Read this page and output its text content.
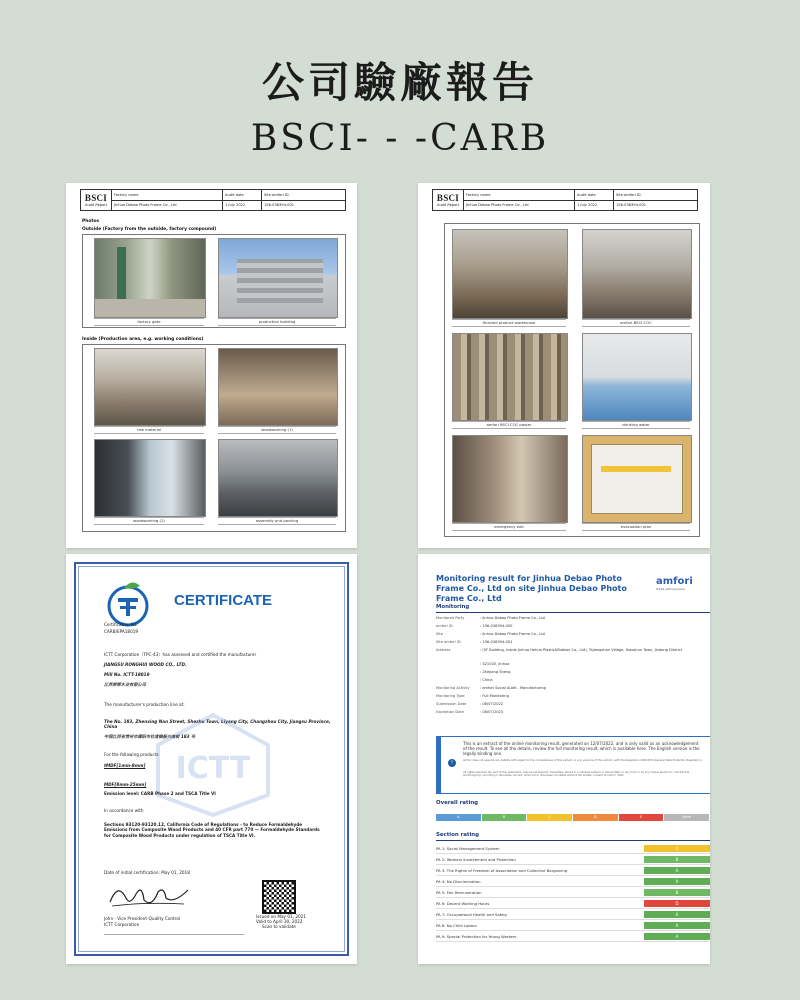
公司驗廠報告
BSCI- - -CARB
BSCI
Audit Report
Factory name
Jinhua Debao Photo Frame Co., Ltd
Audit date
1 July 2022
Site amfori ID
156-038394-001
Photos
Outside (Factory from the outside, factory compound)
factory gate	production building
Inside (Production area, e.g. working conditions)
raw material	woodworking (1)
woodworking (2)	assembly and packing
BSCI
Audit Report
Factory name
Jinhua Debao Photo Frame Co., Ltd
Audit date
1 July 2022
Site amfori ID
156-038394-001
finished product warehouse	amfori BSCI COC
amfori BSCI COC poster	drinking water
emergency exit	evacuation plan
CERTIFICATE
Certification No:
CARB/EPA18019
ICTT Corporation（TPC-43）has assessed and certified the manufacturer
JIANGSU RONGHUI WOOD CO., LTD.
Mill No. ICTT-18019
江苏荣辉木业有限公司
The manufacturer's production line at:
The No. 183, Zhenxing Nan Street, Shezhu Town, Liyang City, Changzhou City, Jiangsu Province, China
中国江苏省常州市溧阳市社渚镇振兴南街 183 号
ICTT
For the following products
tMDF[1mm-8mm]
MDF[8mm-25mm]
Emission level: CARB Phase 2 and TSCA Title VI
In accordance with
Sections 93120-93120.12, California Code of Regulations - to Reduce Formaldehyde Emissions from Composite Wood Products and 40 CFR part 770 — Formaldehyde Standards for Composite Wood Products under regulation of TSCA Title VI.
Date of initial certification: May 01, 2018
John - Vice President-Quality Control
ICTT Corporation
Issued on May 01, 2021
Valid to April 30, 2022
Scan to validate
Monitoring result for Jinhua Debao Photo Frame Co., Ltd on site Jinhua Debao Photo Frame Co., Ltd
amfori
Trade with purpose
Monitoring
Monitored Party	: Jinhua Debao Photo Frame Co., Ltd
amfori ID	: 156-038394-000
Site	: Jinhua Debao Photo Frame Co., Ltd
Site amfori ID	: 156-038394-001
Address	: (5F Building, Inside Jinhua Hehua Plastic&Rubber Co., Ltd), Tajiangshan Village, Xiaoshun Town, Jindong District
: 321035, Jinhua
: Zhejiang Sheng
: China
Monitoring Activity	: amfori Social Audit - Manufacturing
Monitoring Type	: Full Monitoring
Submission Date	: 08/07/2022
Expiration Date	: 08/07/2023
!

This is an extract of the online monitoring result, generated on 12/07/2022, and is only valid as an acknowledgement of the result. To see all the details, review the full monitoring result, which is available here. The English version is the legally binding one.

amfori does not assume any liability with regard to the completeness of this extract, or any versions of this extract, with the Regulation 2016/679 (General Data Protection Regulation).

All rights reserved. No part of this publication may be reproduced, translated, stored in a retrieval system or transmitted, in any form or by any means electronic, mechanical, photocopying, recording or otherwise, be lent, hired out or otherwise circulated without the written consent of amfori. 2021

Overall rating
A	B	C	D	E	None
Section rating
PA 1: Social Management System	C
PA 2: Workers Involvement and Protection	B
PA 3: The Rights of Freedom of Association and Collective Bargaining	A
PA 4: No Discrimination	A
PA 5: Fair Remuneration	B
PA 6: Decent Working Hours	D
PA 7: Occupational Health and Safety	A
PA 8: No Child Labour	A
PA 9: Special Protection for Young Workers	A
